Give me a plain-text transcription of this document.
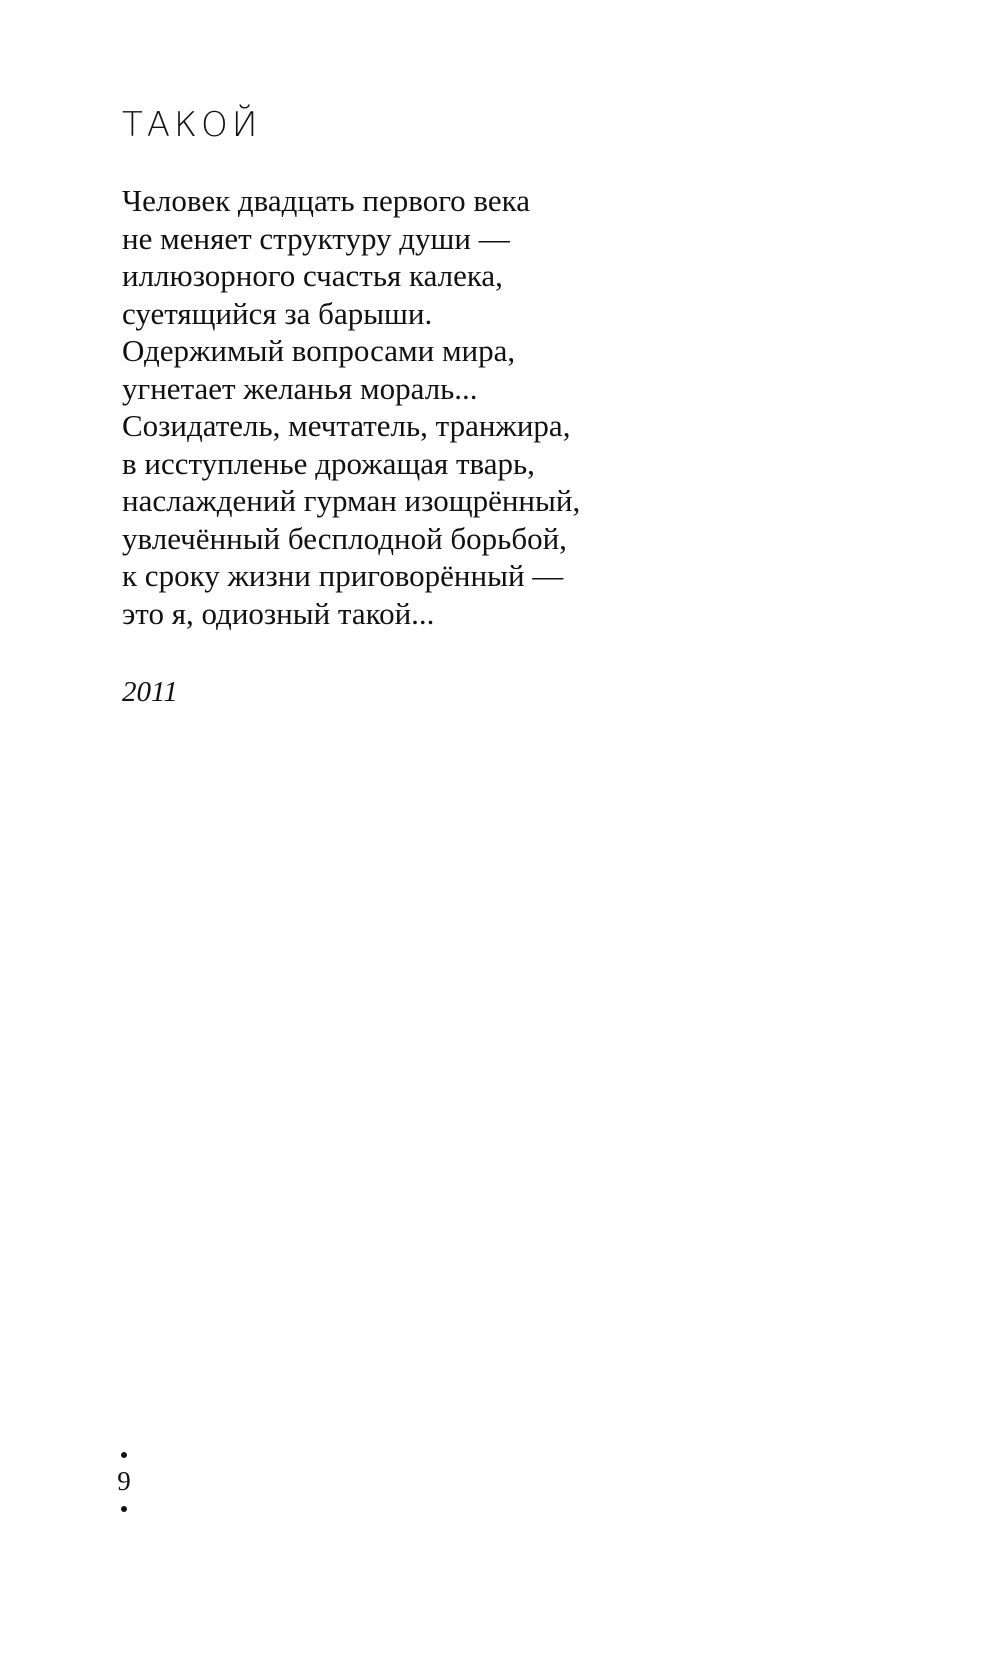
ТАКОЙ
Человек двадцать первого века
не меняет структуру души —
иллюзорного счастья калека,
суетящийся за барыши.
Одержимый вопросами мира,
угнетает желанья мораль...
Созидатель, мечтатель, транжира,
в исступленье дрожащая тварь,
наслаждений гурман изощрённый,
увлечённый бесплодной борьбой,
к сроку жизни приговорённый —
это я, одиозный такой...
2011
9
